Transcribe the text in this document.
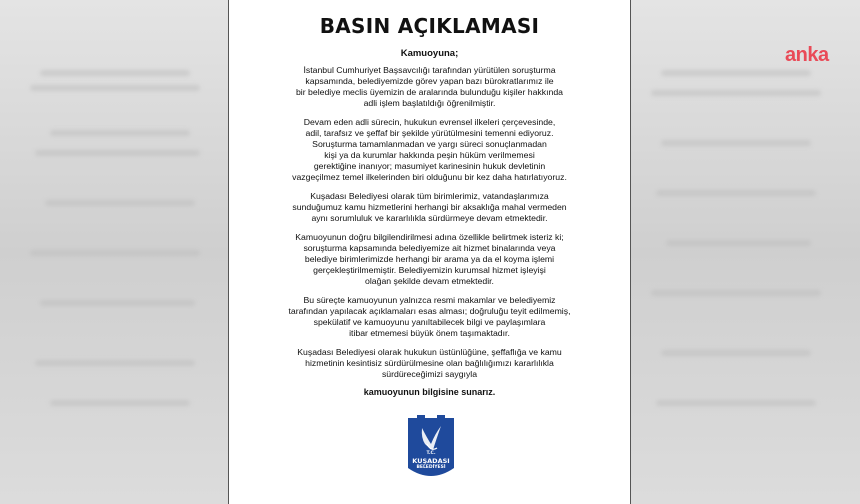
anka
BASIN AÇIKLAMASI
Kamuoyuna;
İstanbul Cumhuriyet Başsavcılığı tarafından yürütülen soruşturma
kapsamında, belediyemizde görev yapan bazı bürokratlarımız ile
bir belediye meclis üyemizin de aralarında bulunduğu kişiler hakkında
adli işlem başlatıldığı öğrenilmiştir.
Devam eden adli sürecin, hukukun evrensel ilkeleri çerçevesinde,
adil, tarafsız ve şeffaf bir şekilde yürütülmesini temenni ediyoruz.
Soruşturma tamamlanmadan ve yargı süreci sonuçlanmadan
kişi ya da kurumlar hakkında peşin hüküm verilmemesi
gerektiğine inanıyor; masumiyet karinesinin hukuk devletinin
vazgeçilmez temel ilkelerinden biri olduğunu bir kez daha hatırlatıyoruz.
Kuşadası Belediyesi olarak tüm birimlerimiz, vatandaşlarımıza
sunduğumuz kamu hizmetlerini herhangi bir aksaklığa mahal vermeden
aynı sorumluluk ve kararlılıkla sürdürmeye devam etmektedir.
Kamuoyunun doğru bilgilendirilmesi adına özellikle belirtmek isteriz ki;
soruşturma kapsamında belediyemize ait hizmet binalarında veya
belediye birimlerimizde herhangi bir arama ya da el koyma işlemi
gerçekleştirilmemiştir. Belediyemizin kurumsal hizmet işleyişi
olağan şekilde devam etmektedir.
Bu süreçte kamuoyunun yalnızca resmi makamlar ve belediyemiz
tarafından yapılacak açıklamaları esas alması; doğruluğu teyit edilmemiş,
spekülatif ve kamuoyunu yanıltabilecek bilgi ve paylaşımlara
itibar etmemesi büyük önem taşımaktadır.
Kuşadası Belediyesi olarak hukukun üstünlüğüne, şeffaflığa ve kamu
hizmetinin kesintisiz sürdürülmesine olan bağlılığımızı kararlılıkla
sürdüreceğimizi saygıyla
kamuoyunun bilgisine sunarız.
T.C.
KUŞADASI
BELEDİYESİ
